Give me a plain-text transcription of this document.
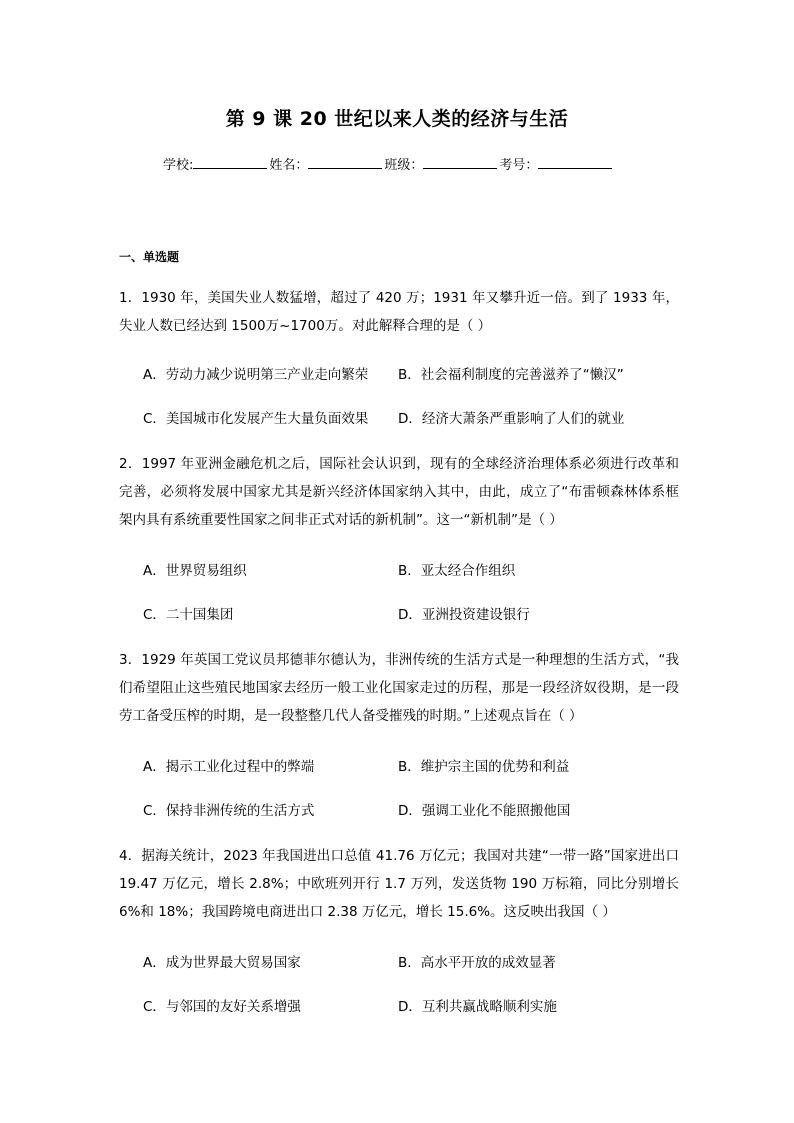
第 9 课 20 世纪以来人类的经济与生活
学校:	姓名：	班级：	考号：
一、单选题
1．1930 年，美国失业人数猛增，超过了 420 万；1931 年又攀升近一倍。到了 1933 年，失业人数已经达到 1500万~1700万。对此解释合理的是（ ）
A．劳动力减少说明第三产业走向繁荣 B．社会福利制度的完善滋养了“懒汉”
C．美国城市化发展产生大量负面效果 D．经济大萧条严重影响了人们的就业
2．1997 年亚洲金融危机之后，国际社会认识到，现有的全球经济治理体系必须进行改革和完善，必须将发展中国家尤其是新兴经济体国家纳入其中，由此，成立了“布雷顿森林体系框架内具有系统重要性国家之间非正式对话的新机制”。这一“新机制”是（ ）
A．世界贸易组织	B．亚太经合作组织
C．二十国集团	D．亚洲投资建设银行
3．1929 年英国工党议员邦德菲尔德认为，非洲传统的生活方式是一种理想的生活方式，“我们希望阻止这些殖民地国家去经历一般工业化国家走过的历程，那是一段经济奴役期，是一段劳工备受压榨的时期，是一段整整几代人备受摧残的时期。”上述观点旨在（ ）
A．揭示工业化过程中的弊端	B．维护宗主国的优势和利益
C．保持非洲传统的生活方式	D．强调工业化不能照搬他国
4．据海关统计，2023 年我国进出口总值 41.76 万亿元；我国对共建“一带一路”国家进出口 19.47 万亿元，增长 2.8%；中欧班列开行 1.7 万列，发送货物 190 万标箱，同比分别增长 6%和 18%；我国跨境电商进出口 2.38 万亿元，增长 15.6%。这反映出我国（ ）
A．成为世界最大贸易国家	B．高水平开放的成效显著
C．与邻国的友好关系增强	D．互利共赢战略顺利实施
